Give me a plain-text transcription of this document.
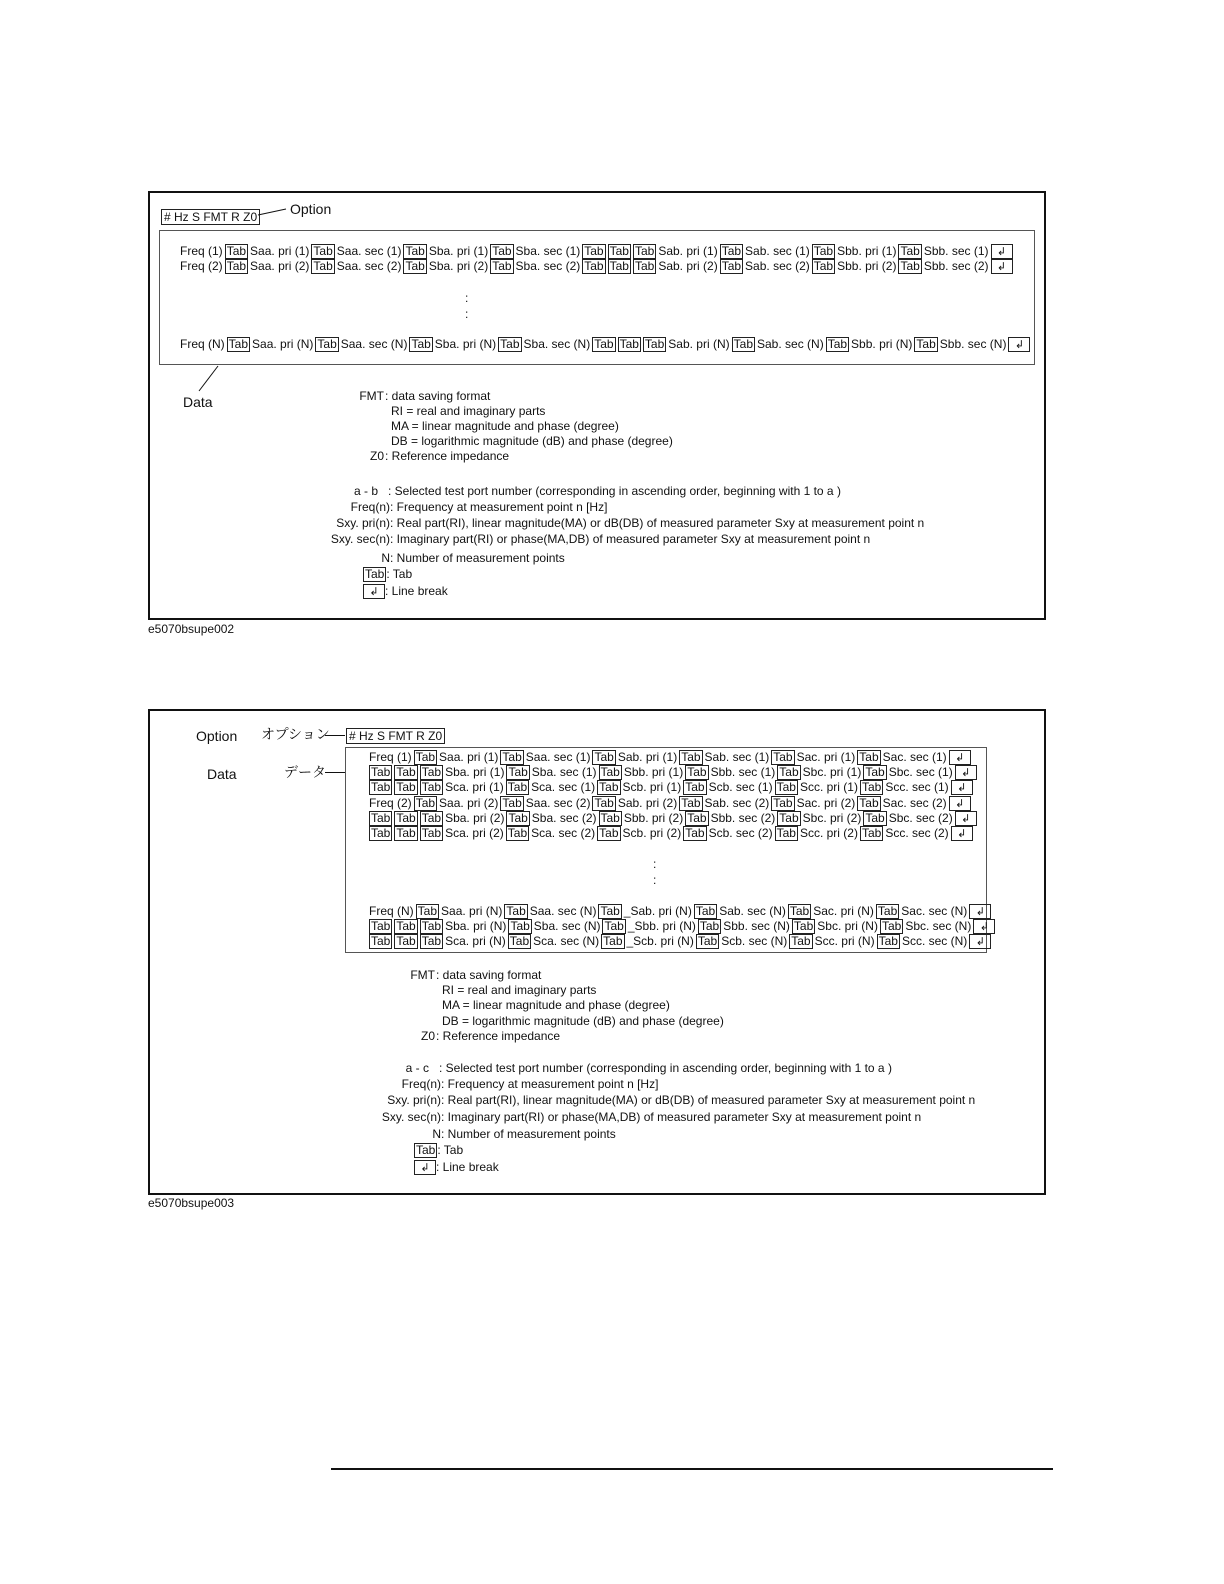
# Hz S FMT R Z0 Option
Freq (1) Tab Saa. pri (1) Tab Saa. sec (1) Tab Sba. pri (1) Tab Sba. sec (1) Tab Tab Tab Sab. pri (1) Tab Sab. sec (1) Tab Sbb. pri (1) Tab Sbb. sec (1) ↲
Freq (2) Tab Saa. pri (2) Tab Saa. sec (2) Tab Sba. pri (2) Tab Sba. sec (2) Tab Tab Tab Sab. pri (2) Tab Sab. sec (2) Tab Sbb. pri (2) Tab Sbb. sec (2) ↲
:
:
Freq (N) Tab Saa. pri (N) Tab Saa. sec (N) Tab Sba. pri (N) Tab Sba. sec (N) Tab Tab Tab Sab. pri (N) Tab Sab. sec (N) Tab Sbb. pri (N) Tab Sbb. sec (N) ↲
Data	FMT : data saving format
RI = real and imaginary parts
MA = linear magnitude and phase (degree)
DB = logarithmic magnitude (dB) and phase (degree)
Z0 : Reference impedance
a - b : Selected test port number (corresponding in ascending order, beginning with 1 to a )
Freq(n) : Frequency at measurement point n [Hz]
Sxy. pri(n) : Real part(RI), linear magnitude(MA) or dB(DB) of measured parameter Sxy at measurement point n
Sxy. sec(n) : Imaginary part(RI) or phase(MA,DB) of measured parameter Sxy at measurement point n
N : Number of measurement points
Tab : Tab
↲ : Line break
e5070bsupe002
Option オプション # Hz S FMT R Z0
Data	データ
Freq (1) Tab Saa. pri (1) Tab Saa. sec (1) Tab Sab. pri (1) Tab Sab. sec (1) Tab Sac. pri (1) Tab Sac. sec (1) ↲
Tab Tab Tab Sba. pri (1) Tab Sba. sec (1) Tab Sbb. pri (1) Tab Sbb. sec (1) Tab Sbc. pri (1) Tab Sbc. sec (1) ↲
Tab Tab Tab Sca. pri (1) Tab Sca. sec (1) Tab Scb. pri (1) Tab Scb. sec (1) Tab Scc. pri (1) Tab Scc. sec (1) ↲
Freq (2) Tab Saa. pri (2) Tab Saa. sec (2) Tab Sab. pri (2) Tab Sab. sec (2) Tab Sac. pri (2) Tab Sac. sec (2) ↲
Tab Tab Tab Sba. pri (2) Tab Sba. sec (2) Tab Sbb. pri (2) Tab Sbb. sec (2) Tab Sbc. pri (2) Tab Sbc. sec (2) ↲
Tab Tab Tab Sca. pri (2) Tab Sca. sec (2) Tab Scb. pri (2) Tab Scb. sec (2) Tab Scc. pri (2) Tab Scc. sec (2) ↲
:
:
Freq (N) Tab Saa. pri (N) Tab Saa. sec (N) Tab _Sab. pri (N) Tab Sab. sec (N) Tab Sac. pri (N) Tab Sac. sec (N) ↲
Tab Tab Tab Sba. pri (N) Tab Sba. sec (N) Tab _Sbb. pri (N) Tab Sbb. sec (N) Tab Sbc. pri (N) Tab Sbc. sec (N) ↲
Tab Tab Tab Sca. pri (N) Tab Sca. sec (N) Tab _Scb. pri (N) Tab Scb. sec (N) Tab Scc. pri (N) Tab Scc. sec (N) ↲
FMT : data saving format
RI = real and imaginary parts
MA = linear magnitude and phase (degree)
DB = logarithmic magnitude (dB) and phase (degree)
Z0 : Reference impedance
a - c : Selected test port number (corresponding in ascending order, beginning with 1 to a )
Freq(n) : Frequency at measurement point n [Hz]
Sxy. pri(n) : Real part(RI), linear magnitude(MA) or dB(DB) of measured parameter Sxy at measurement point n
Sxy. sec(n) : Imaginary part(RI) or phase(MA,DB) of measured parameter Sxy at measurement point n
N : Number of measurement points
Tab : Tab
↲ : Line break
e5070bsupe003
